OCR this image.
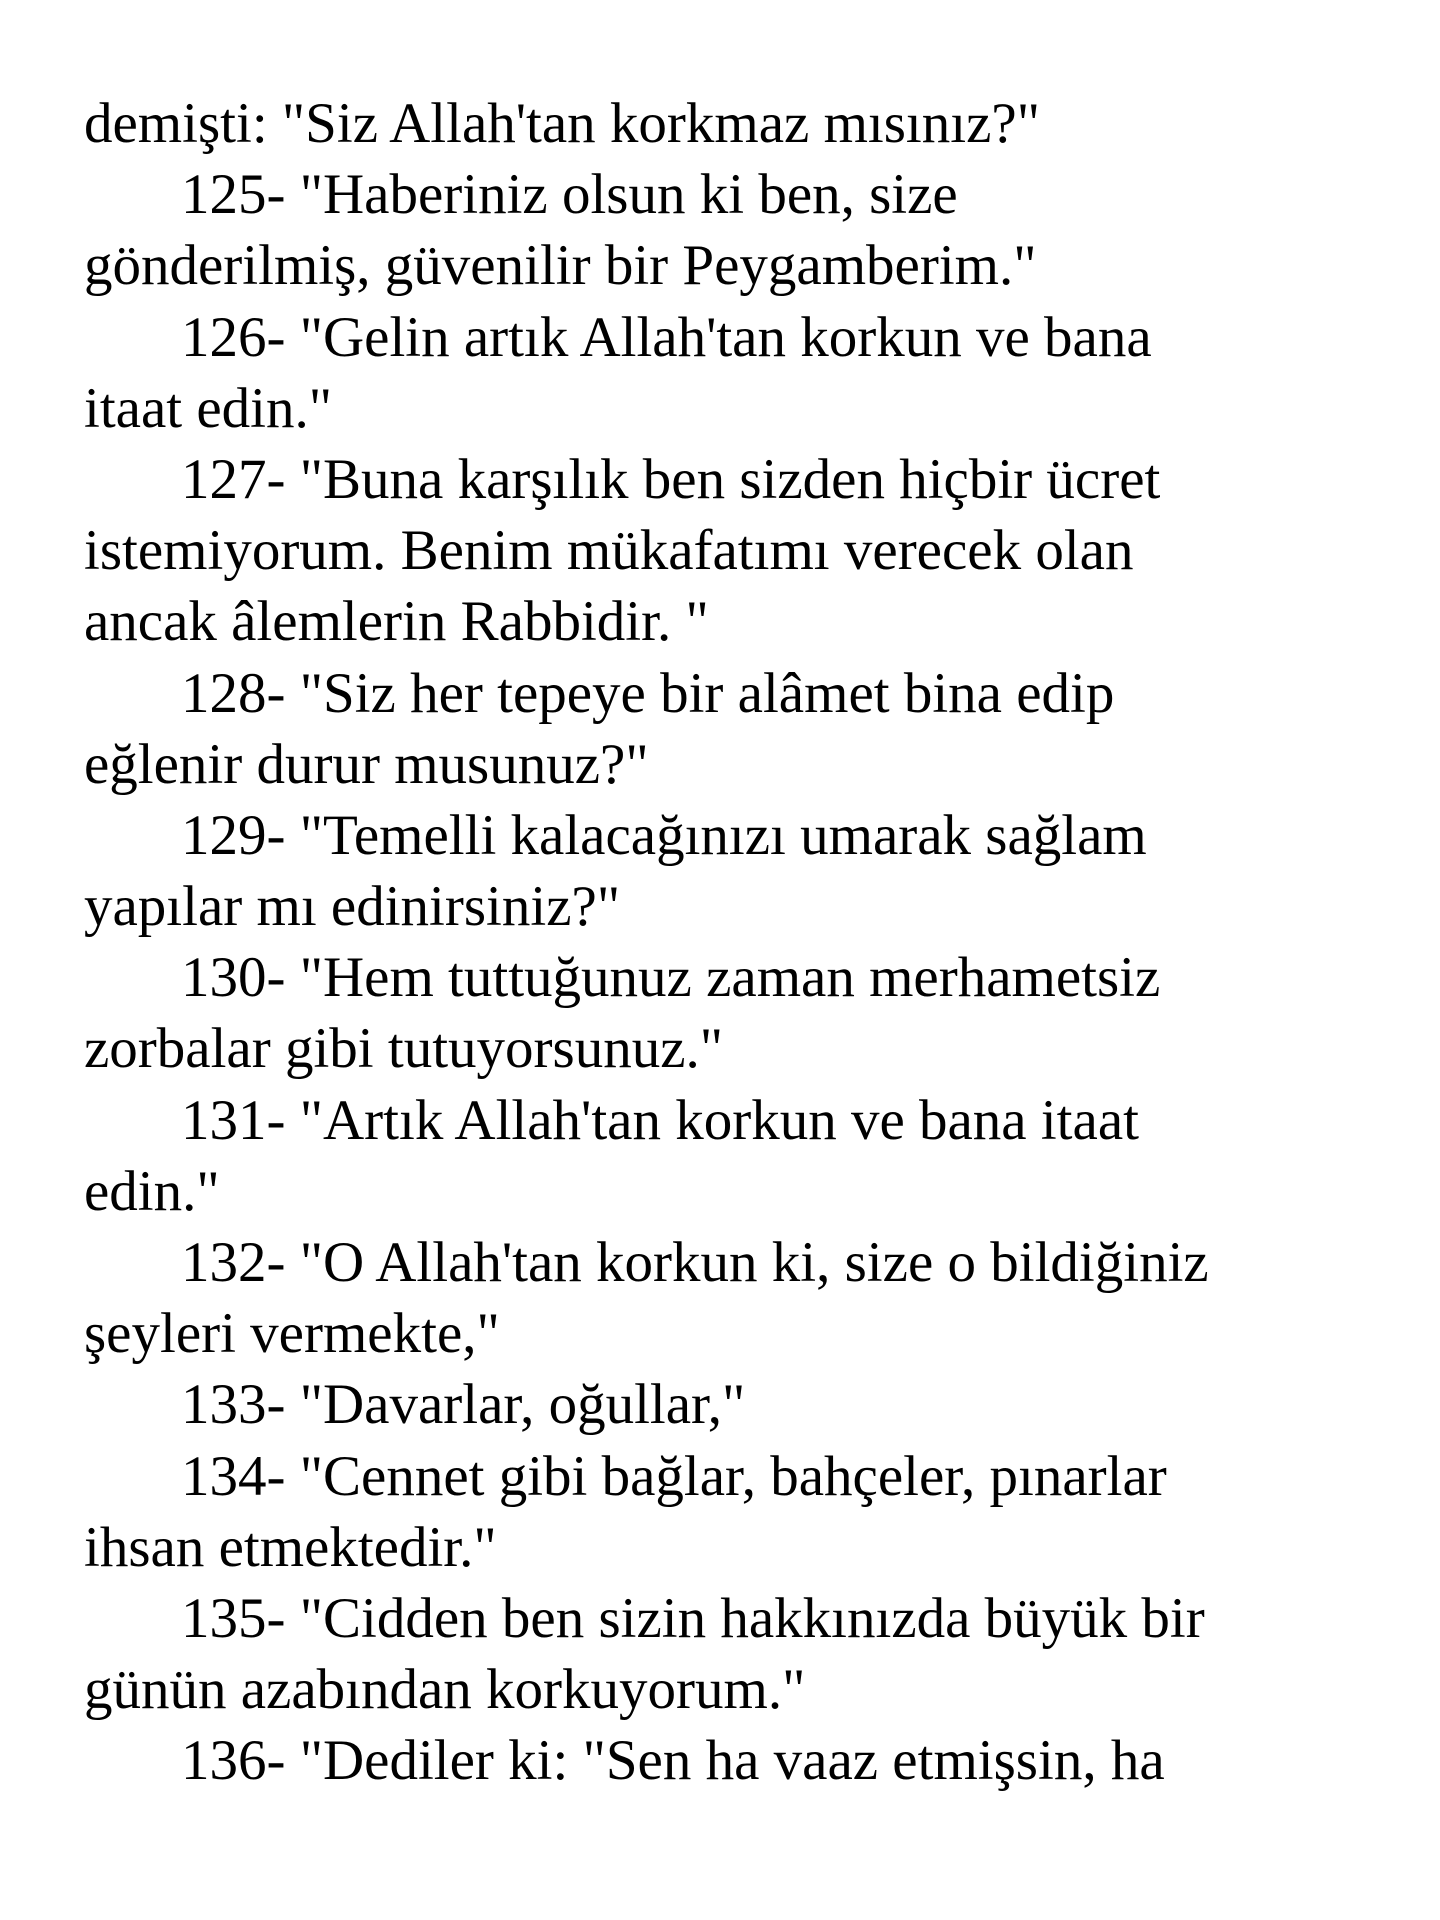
demişti: "Siz Allah'tan korkmaz mısınız?"
125- "Haberiniz olsun ki ben, size
gönderilmiş, güvenilir bir Peygamberim."
126- "Gelin artık Allah'tan korkun ve bana
itaat edin."
127- "Buna karşılık ben sizden hiçbir ücret
istemiyorum. Benim mükafatımı verecek olan
ancak âlemlerin Rabbidir. "
128- "Siz her tepeye bir alâmet bina edip
eğlenir durur musunuz?"
129- "Temelli kalacağınızı umarak sağlam
yapılar mı edinirsiniz?"
130- "Hem tuttuğunuz zaman merhametsiz
zorbalar gibi tutuyorsunuz."
131- "Artık Allah'tan korkun ve bana itaat
edin."
132- "O Allah'tan korkun ki, size o bildiğiniz
şeyleri vermekte,"
133- "Davarlar, oğullar,"
134- "Cennet gibi bağlar, bahçeler, pınarlar
ihsan etmektedir."
135- "Cidden ben sizin hakkınızda büyük bir
günün azabından korkuyorum."
136- "Dediler ki: "Sen ha vaaz etmişsin, ha
